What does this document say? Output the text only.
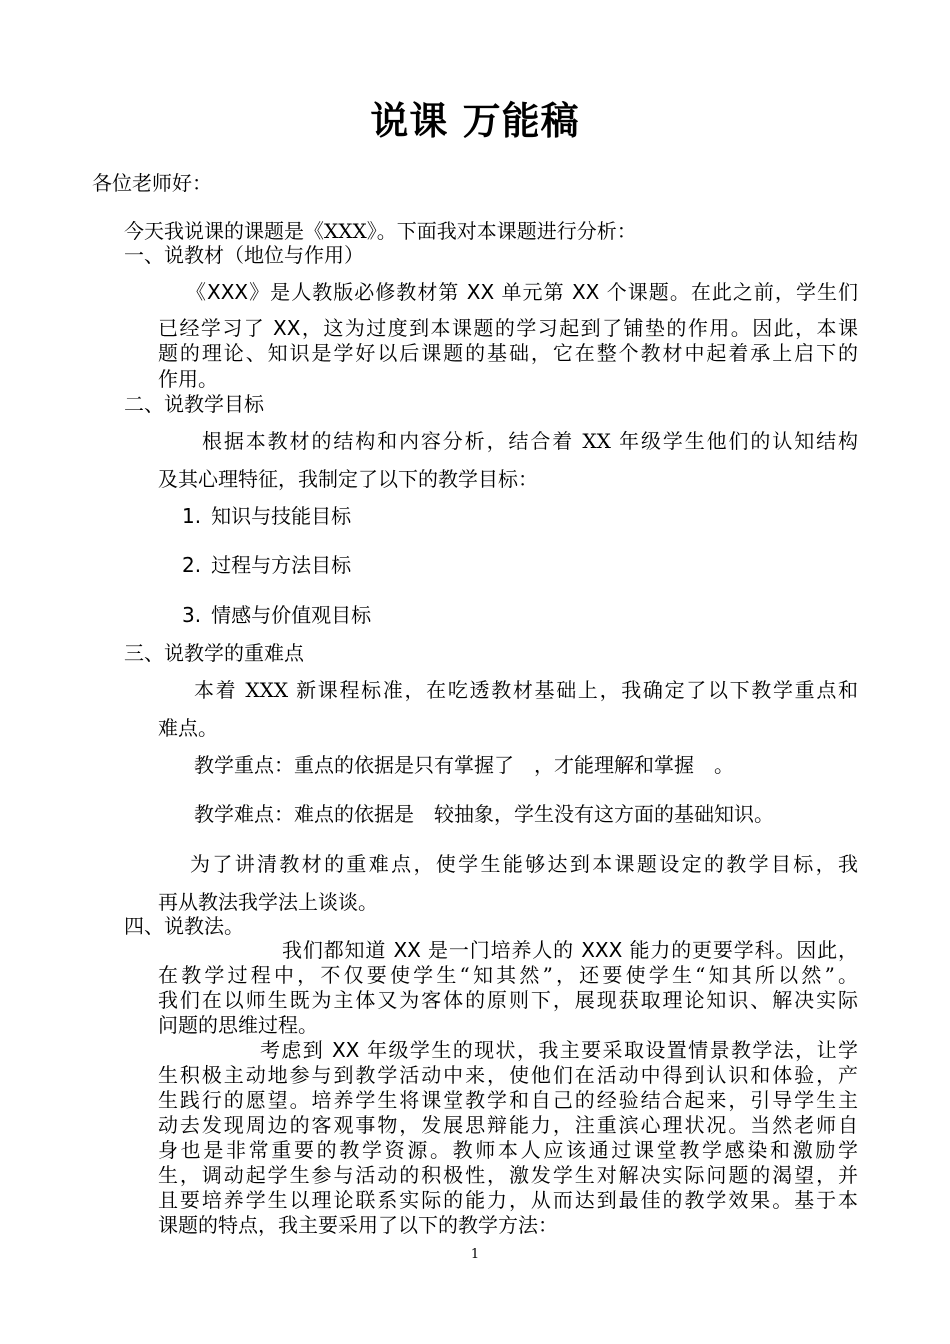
说课 万能稿
各位老师好：
今天我说课的课题是《XXX》。下面我对本课题进行分析：
一、说教材（地位与作用）
《XXX》是人教版必修教材第 XX 单元第 XX 个课题。在此之前，学生们
已经学习了 XX，这为过度到本课题的学习起到了铺垫的作用。因此，本课
题的理论、知识是学好以后课题的基础，它在整个教材中起着承上启下的
作用。
二、说教学目标
根据本教材的结构和内容分析，结合着 XX 年级学生他们的认知结构
及其心理特征，我制定了以下的教学目标：
1. 知识与技能目标
2. 过程与方法目标
3. 情感与价值观目标
三、说教学的重难点
本着 XXX 新课程标准，在吃透教材基础上，我确定了以下教学重点和
难点。
教学重点：重点的依据是只有掌握了　，才能理解和掌握　。
教学难点：难点的依据是　较抽象，学生没有这方面的基础知识。
为了讲清教材的重难点，使学生能够达到本课题设定的教学目标，我
再从教法我学法上谈谈。
四、说教法。
我们都知道 XX 是一门培养人的 XXX 能力的更要学科。因此，
在教学过程中，不仅要使学生“知其然”，还要使学生“知其所以然”。
我们在以师生既为主体又为客体的原则下，展现获取理论知识、解决实际
问题的思维过程。
考虑到 XX 年级学生的现状，我主要采取设置情景教学法，让学
生积极主动地参与到教学活动中来，使他们在活动中得到认识和体验，产
生践行的愿望。培养学生将课堂教学和自己的经验结合起来，引导学生主
动去发现周边的客观事物，发展思辩能力，注重滨心理状况。当然老师自
身也是非常重要的教学资源。教师本人应该通过课堂教学感染和激励学
生，调动起学生参与活动的积极性，激发学生对解决实际问题的渴望，并
且要培养学生以理论联系实际的能力，从而达到最佳的教学效果。基于本
课题的特点，我主要采用了以下的教学方法：
1
